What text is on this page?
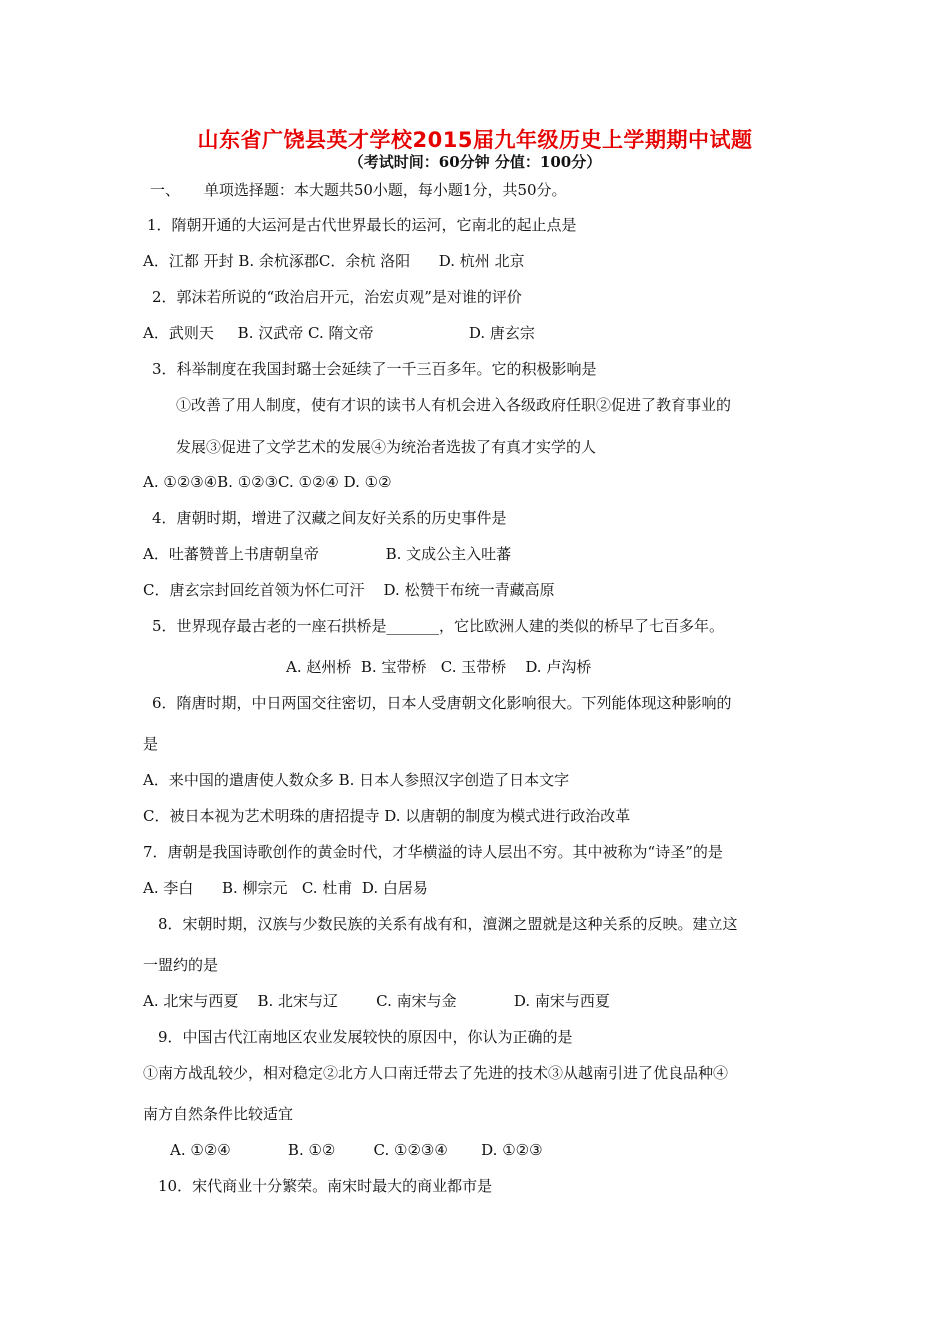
山东省广饶县英才学校2015届九年级历史上学期期中试题
（考试时间：60分钟 分值：100分）
一、     单项选择题：本大题共50小题，每小题1分，共50分。
1．隋朝开通的大运河是古代世界最长的运河，它南北的起止点是
A．江都 开封 B. 余杭涿郡C．余杭 洛阳      D. 杭州 北京
2．郭沫若所说的“政治启开元，治宏贞观”是对谁的评价
A．武则天     B. 汉武帝 C. 隋文帝                    D. 唐玄宗
3．科举制度在我国封璐士会延续了一千三百多年。它的积极影响是
①改善了用人制度，使有才识的读书人有机会进入各级政府任职②促进了教育事业的
发展③促进了文学艺术的发展④为统治者选拔了有真才实学的人
A. ①②③④B. ①②③C. ①②④ D. ①②
4．唐朝时期，增进了汉藏之间友好关系的历史事件是
A．吐蕃赞普上书唐朝皇帝              B. 文成公主入吐蕃
C．唐玄宗封回纥首领为怀仁可汗    D. 松赞干布统一青藏高原
5．世界现存最古老的一座石拱桥是_______，它比欧洲人建的类似的桥早了七百多年。
A. 赵州桥  B. 宝带桥   C. 玉带桥    D. 卢沟桥
6．隋唐时期，中日两国交往密切，日本人受唐朝文化影响很大。下列能体现这种影响的
是
A．来中国的遣唐使人数众多 B. 日本人参照汉字创造了日本文字
C．被日本视为艺术明珠的唐招提寺 D. 以唐朝的制度为模式进行政治改革
7．唐朝是我国诗歌创作的黄金时代，才华横溢的诗人层出不穷。其中被称为“诗圣”的是
A. 李白      B. 柳宗元   C. 杜甫  D. 白居易
8．宋朝时期，汉族与少数民族的关系有战有和，澶渊之盟就是这种关系的反映。建立这
一盟约的是
A. 北宋与西夏    B. 北宋与辽        C. 南宋与金            D. 南宋与西夏
9．中国古代江南地区农业发展较快的原因中，你认为正确的是
①南方战乱较少，相对稳定②北方人口南迁带去了先进的技术③从越南引进了优良品种④
南方自然条件比较适宜
A. ①②④            B. ①②        C. ①②③④       D. ①②③
10．宋代商业十分繁荣。南宋时最大的商业都市是
